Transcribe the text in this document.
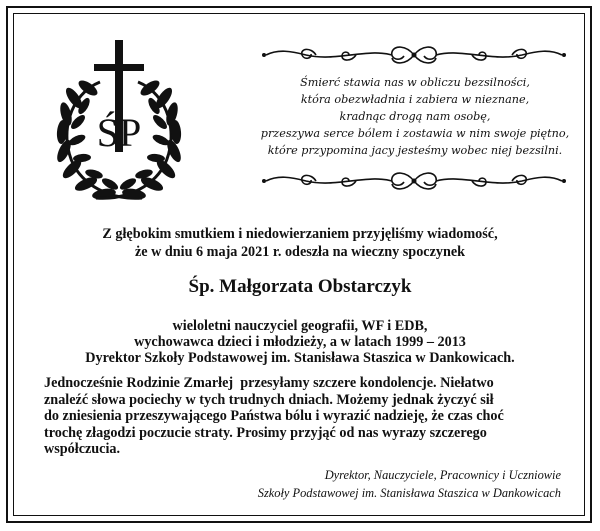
ŚP
Śmierć stawia nas w obliczu bezsilności,
która obezwładnia i zabiera w nieznane,
kradnąc drogą nam osobę,
przeszywa serce bólem i zostawia w nim swoje piętno,
które przypomina jacy jesteśmy wobec niej bezsilni.
Z głębokim smutkiem i niedowierzaniem przyjęliśmy wiadomość,
że w dniu 6 maja 2021 r. odeszła na wieczny spoczynek
Śp. Małgorzata Obstarczyk
wieloletni nauczyciel geografii, WF i EDB,
wychowawca dzieci i młodzieży, a w latach 1999 – 2013
Dyrektor Szkoły Podstawowej im. Stanisława Staszica w Dankowicach.
Jednocześnie Rodzinie Zmarłej  przesyłamy szczere kondolencje. Niełatwo
znaleźć słowa pociechy w tych trudnych dniach. Możemy jednak życzyć sił
do zniesienia przeszywającego Państwa bólu i wyrazić nadzieję, że czas choć
trochę złagodzi poczucie straty. Prosimy przyjąć od nas wyrazy szczerego
współczucia.
Dyrektor, Nauczyciele, Pracownicy i Uczniowie
Szkoły Podstawowej im. Stanisława Staszica w Dankowicach
